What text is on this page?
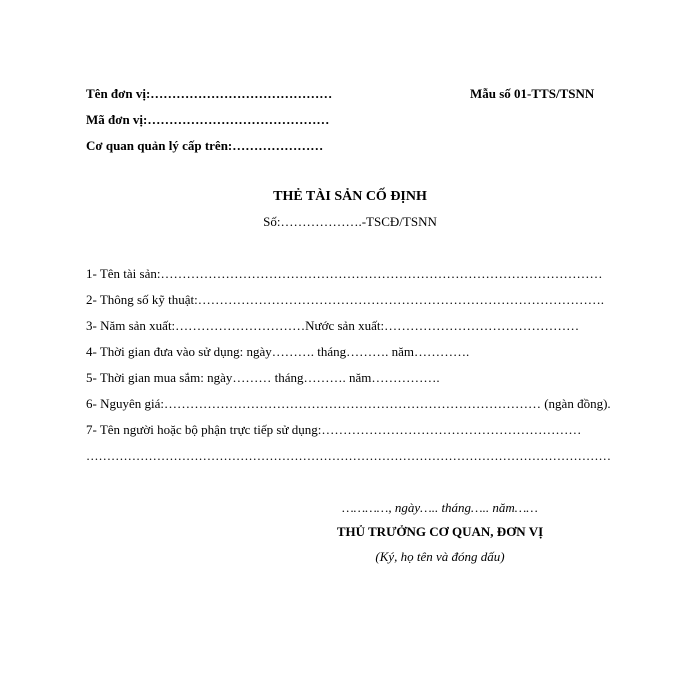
Tên đơn vị:……………………………………	Mẫu số 01-TTS/TSNN
Mã đơn vị:……………………………………
Cơ quan quản lý cấp trên:…………………
THẺ TÀI SẢN CỐ ĐỊNH
Số:……………….-TSCĐ/TSNN
1- Tên tài sản:…………………………………………………………………………………………
2- Thông số kỹ thuật:………………………………………………………………………………….
3- Năm sản xuất:…………………………Nước sản xuất:………………………………………
4- Thời gian đưa vào sử dụng: ngày………. tháng………. năm………….
5- Thời gian mua sắm: ngày……… tháng………. năm…………….
6- Nguyên giá:…………………………………………………………………………… (ngàn đồng).
7- Tên người hoặc bộ phận trực tiếp sử dụng:……………………………………………………
………………………………………………………………………………………………………………
…………, ngày….. tháng….. năm……
THỦ TRƯỞNG CƠ QUAN, ĐƠN VỊ
(Ký, họ tên và đóng dấu)
